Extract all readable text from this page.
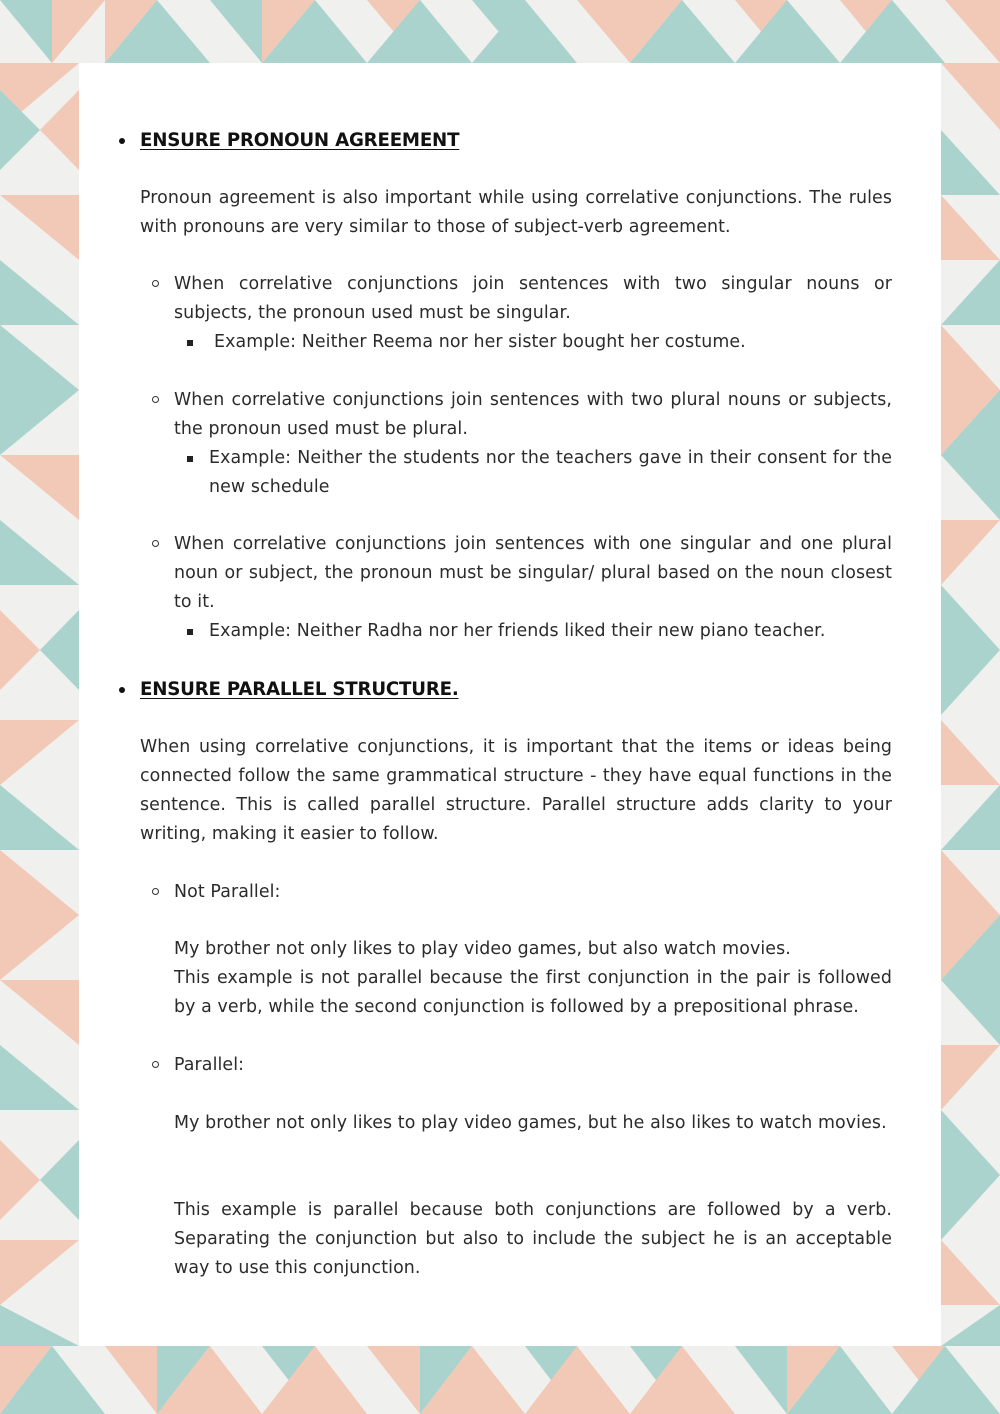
ENSURE PRONOUN AGREEMENT
Pronoun agreement is also important while using correlative conjunctions. The rules with pronouns are very similar to those of subject-verb agreement.
When correlative conjunctions join sentences with two singular nouns or subjects, the pronoun used must be singular.
Example: Neither Reema nor her sister bought her costume.
When correlative conjunctions join sentences with two plural nouns or subjects, the pronoun used must be plural.
Example: Neither the students nor the teachers gave in their consent for the new schedule
When correlative conjunctions join sentences with one singular and one plural noun or subject, the pronoun must be singular/ plural based on the noun closest to it.
Example: Neither Radha nor her friends liked their new piano teacher.
ENSURE PARALLEL STRUCTURE.
When using correlative conjunctions, it is important that the items or ideas being connected follow the same grammatical structure - they have equal functions in the sentence. This is called parallel structure. Parallel structure adds clarity to your writing, making it easier to follow.
Not Parallel:
My brother not only likes to play video games, but also watch movies.
This example is not parallel because the first conjunction in the pair is followed by a verb, while the second conjunction is followed by a prepositional phrase.
Parallel:
My brother not only likes to play video games, but he also likes to watch movies.
This example is parallel because both conjunctions are followed by a verb. Separating the conjunction but also to include the subject he is an acceptable way to use this conjunction.
